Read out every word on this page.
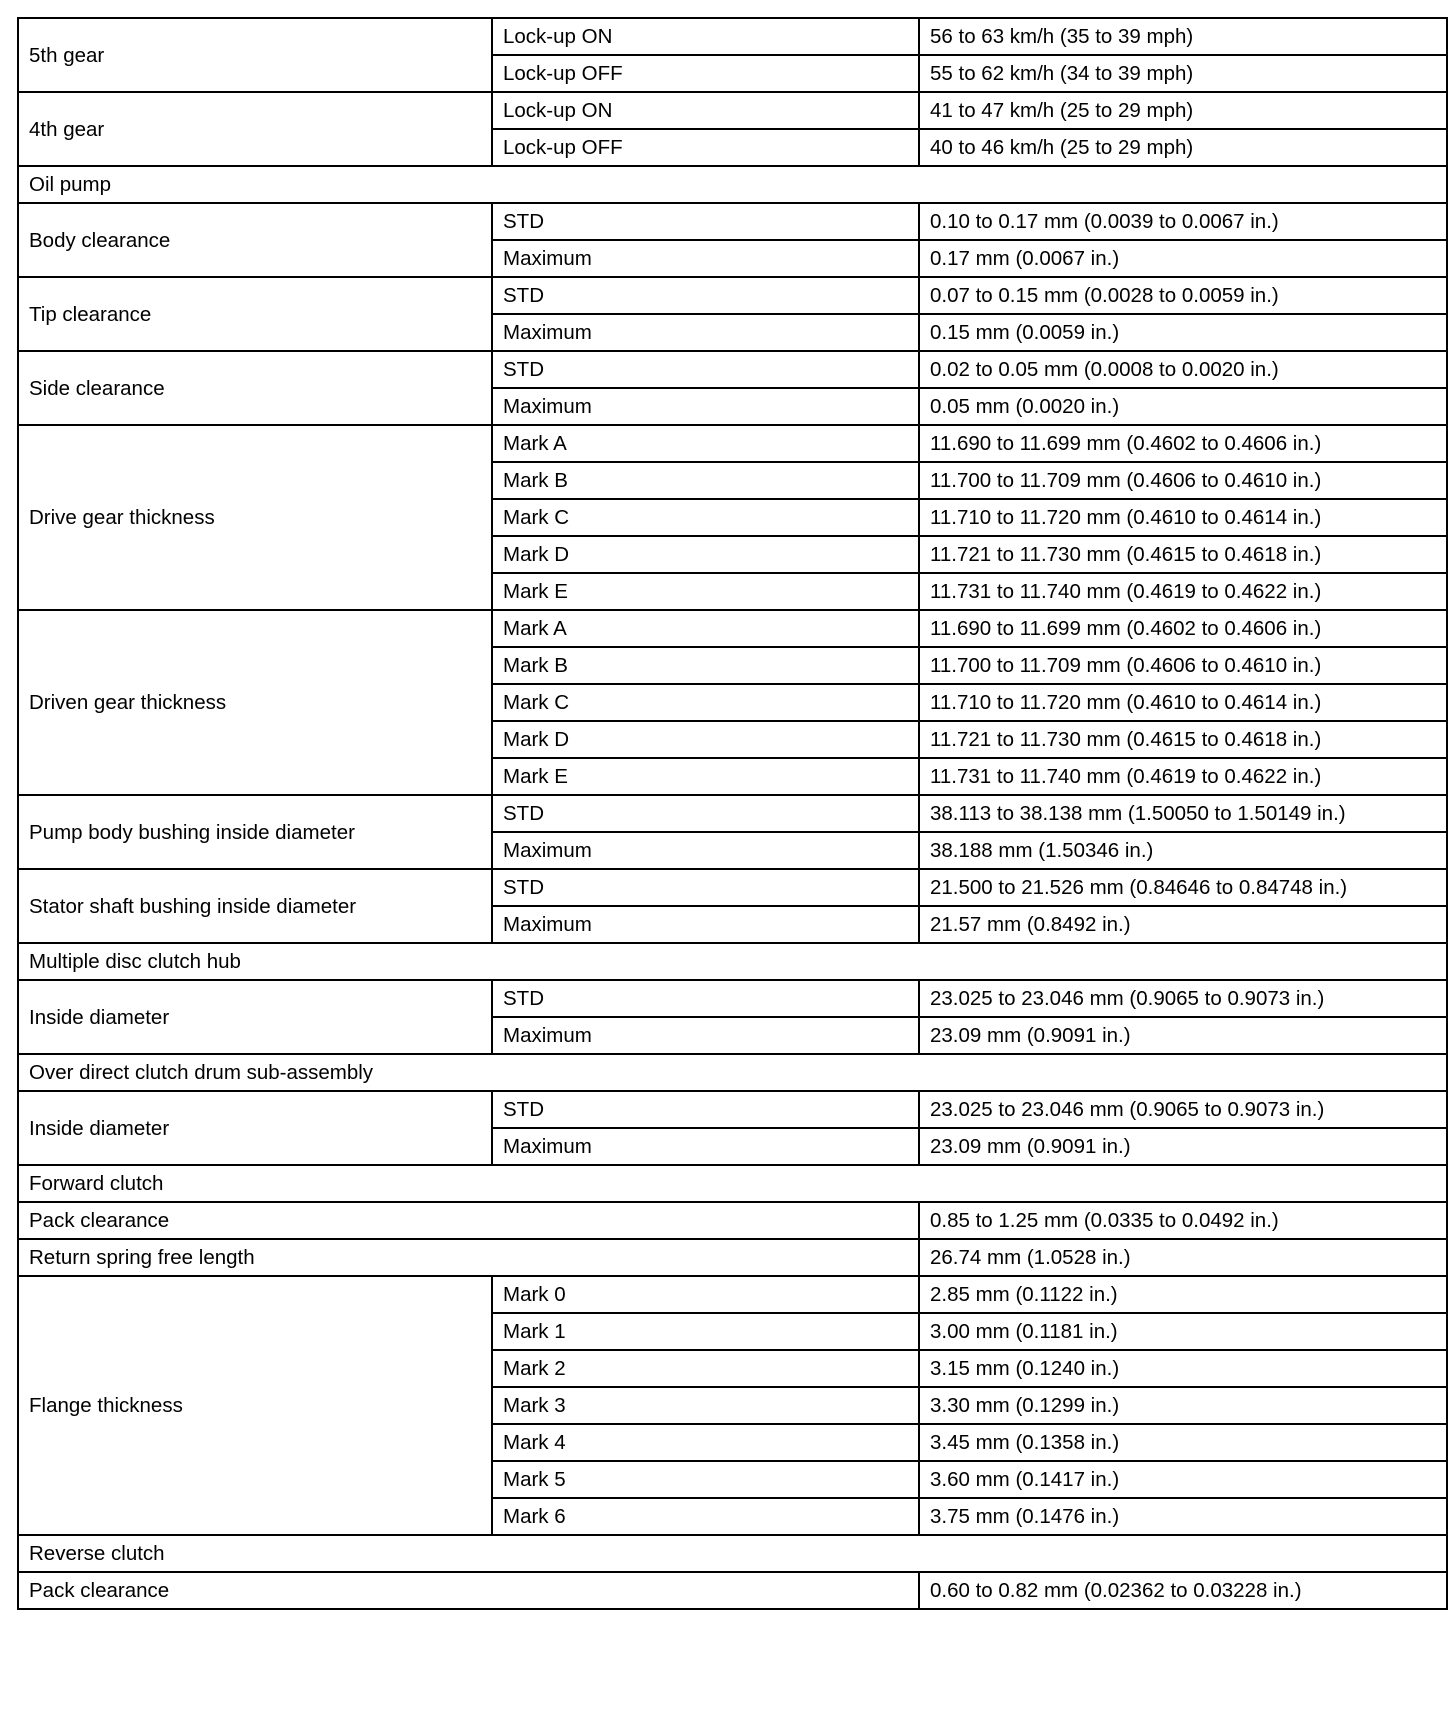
5th gear	Lock-up ON	56 to 63 km/h (35 to 39 mph)
	Lock-up OFF	55 to 62 km/h (34 to 39 mph)
4th gear	Lock-up ON	41 to 47 km/h (25 to 29 mph)
	Lock-up OFF	40 to 46 km/h (25 to 29 mph)
Oil pump		
Body clearance	STD	0.10 to 0.17 mm (0.0039 to 0.0067 in.)
	Maximum	0.17 mm (0.0067 in.)
Tip clearance	STD	0.07 to 0.15 mm (0.0028 to 0.0059 in.)
	Maximum	0.15 mm (0.0059 in.)
Side clearance	STD	0.02 to 0.05 mm (0.0008 to 0.0020 in.)
	Maximum	0.05 mm (0.0020 in.)
Drive gear thickness	Mark A	11.690 to 11.699 mm (0.4602 to 0.4606 in.)
	Mark B	11.700 to 11.709 mm (0.4606 to 0.4610 in.)
	Mark C	11.710 to 11.720 mm (0.4610 to 0.4614 in.)
	Mark D	11.721 to 11.730 mm (0.4615 to 0.4618 in.)
	Mark E	11.731 to 11.740 mm (0.4619 to 0.4622 in.)
Driven gear thickness	Mark A	11.690 to 11.699 mm (0.4602 to 0.4606 in.)
	Mark B	11.700 to 11.709 mm (0.4606 to 0.4610 in.)
	Mark C	11.710 to 11.720 mm (0.4610 to 0.4614 in.)
	Mark D	11.721 to 11.730 mm (0.4615 to 0.4618 in.)
	Mark E	11.731 to 11.740 mm (0.4619 to 0.4622 in.)
Pump body bushing inside diameter	STD	38.113 to 38.138 mm (1.50050 to 1.50149 in.)
	Maximum	38.188 mm (1.50346 in.)
Stator shaft bushing inside diameter	STD	21.500 to 21.526 mm (0.84646 to 0.84748 in.)
	Maximum	21.57 mm (0.8492 in.)
Multiple disc clutch hub		
Inside diameter	STD	23.025 to 23.046 mm (0.9065 to 0.9073 in.)
	Maximum	23.09 mm (0.9091 in.)
Over direct clutch drum sub-assembly		
Inside diameter	STD	23.025 to 23.046 mm (0.9065 to 0.9073 in.)
	Maximum	23.09 mm (0.9091 in.)
Forward clutch		
Pack clearance		0.85 to 1.25 mm (0.0335 to 0.0492 in.)
Return spring free length		26.74 mm (1.0528 in.)
Flange thickness	Mark 0	2.85 mm (0.1122 in.)
	Mark 1	3.00 mm (0.1181 in.)
	Mark 2	3.15 mm (0.1240 in.)
	Mark 3	3.30 mm (0.1299 in.)
	Mark 4	3.45 mm (0.1358 in.)
	Mark 5	3.60 mm (0.1417 in.)
	Mark 6	3.75 mm (0.1476 in.)
Reverse clutch		
Pack clearance		0.60 to 0.82 mm (0.02362 to 0.03228 in.)
